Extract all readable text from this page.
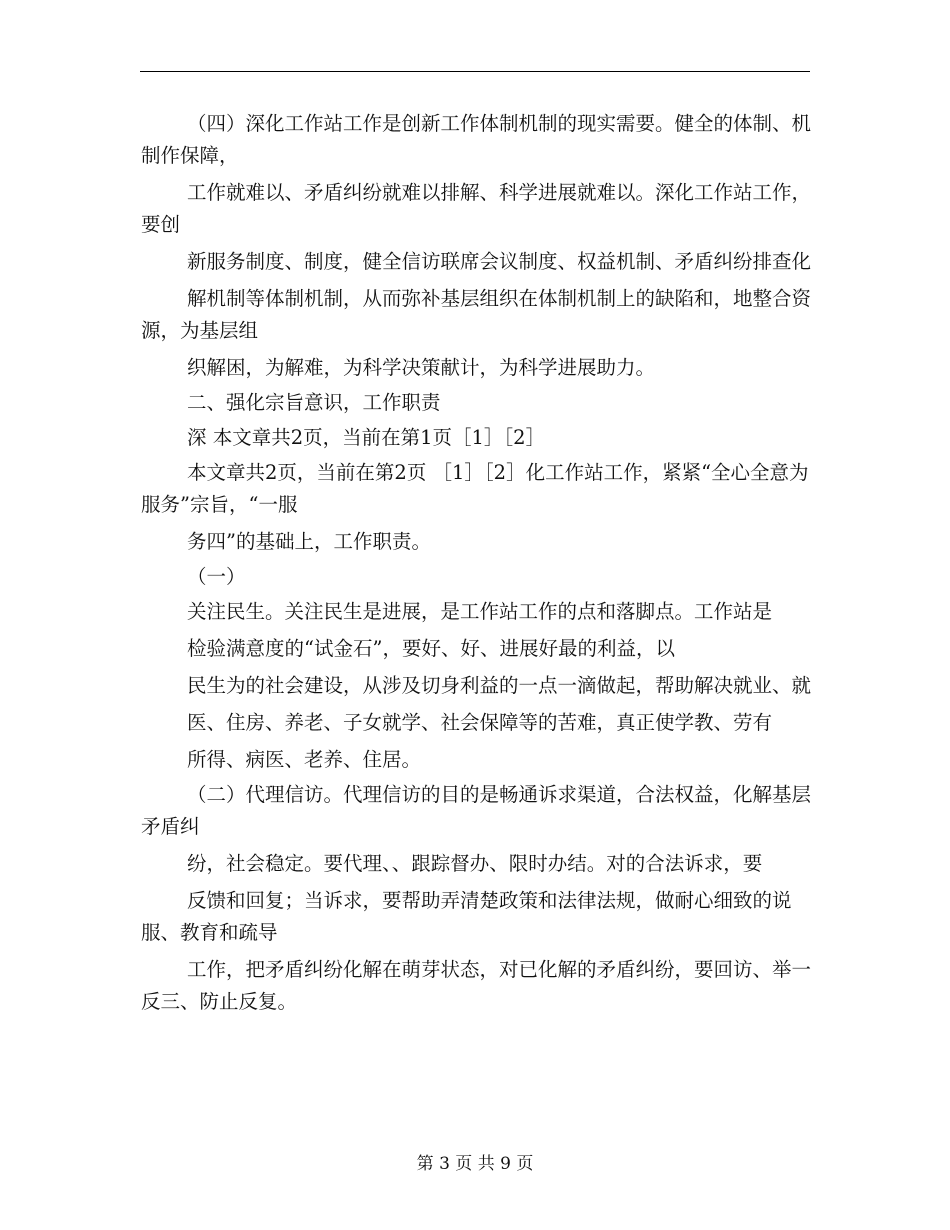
（四）深化工作站工作是创新工作体制机制的现实需要。健全的体制、机制作保障，

工作就难以、矛盾纠纷就难以排解、科学进展就难以。深化工作站工作，要创

新服务制度、制度，健全信访联席会议制度、权益机制、矛盾纠纷排查化

解机制等体制机制，从而弥补基层组织在体制机制上的缺陷和，地整合资源，为基层组

织解困，为解难，为科学决策献计，为科学进展助力。

二、强化宗旨意识，工作职责

深 本文章共2页，当前在第1页［1］［2］

本文章共2页，当前在第2页 ［1］［2］化工作站工作，紧紧“全心全意为服务”宗旨，“一服

务四”的基础上，工作职责。

（一）

关注民生。关注民生是进展，是工作站工作的点和落脚点。工作站是

检验满意度的“试金石”，要好、好、进展好最的利益，以

民生为的社会建设，从涉及切身利益的一点一滴做起，帮助解决就业、就

医、住房、养老、子女就学、社会保障等的苦难，真正使学教、劳有

所得、病医、老养、住居。

（二）代理信访。代理信访的目的是畅通诉求渠道，合法权益，化解基层矛盾纠

纷，社会稳定。要代理、、跟踪督办、限时办结。对的合法诉求，要

反馈和回复；当诉求，要帮助弄清楚政策和法律法规，做耐心细致的说服、教育和疏导

工作，把矛盾纠纷化解在萌芽状态，对已化解的矛盾纠纷，要回访、举一反三、防止反复。

第 3 页 共 9 页
